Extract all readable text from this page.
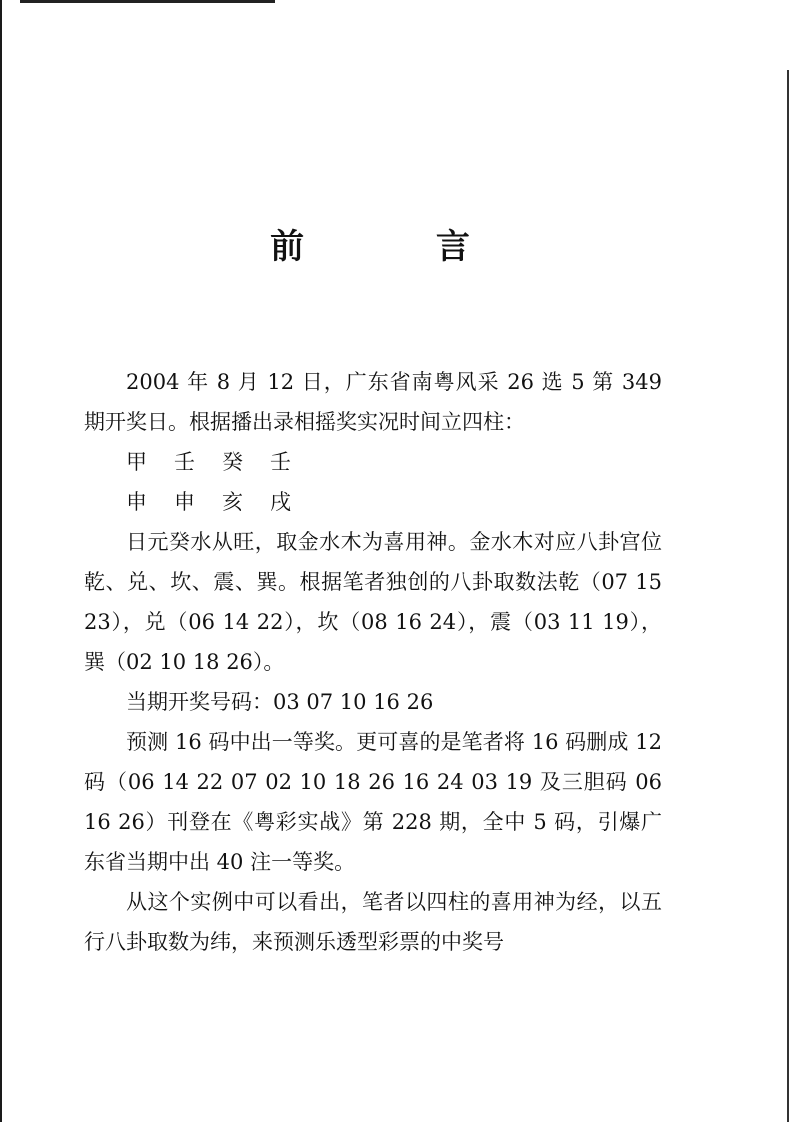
前 言

2004 年 8 月 12 日，广东省南粤风采 26 选 5 第 349 期开奖日。根据播出录相摇奖实况时间立四柱：

甲 壬 癸 壬

申 申 亥 戌

日元癸水从旺，取金水木为喜用神。金水木对应八卦宫位乾、兑、坎、震、巽。根据笔者独创的八卦取数法乾（07 15 23），兑（06 14 22），坎（08 16 24），震（03 11 19），巽（02 10 18 26）。

当期开奖号码：03 07 10 16 26

预测 16 码中出一等奖。更可喜的是笔者将 16 码删成 12 码（06 14 22 07 02 10 18 26 16 24 03 19 及三胆码 06 16 26）刊登在《粤彩实战》第 228 期，全中 5 码，引爆广东省当期中出 40 注一等奖。

从这个实例中可以看出，笔者以四柱的喜用神为经，以五行八卦取数为纬，来预测乐透型彩票的中奖号
